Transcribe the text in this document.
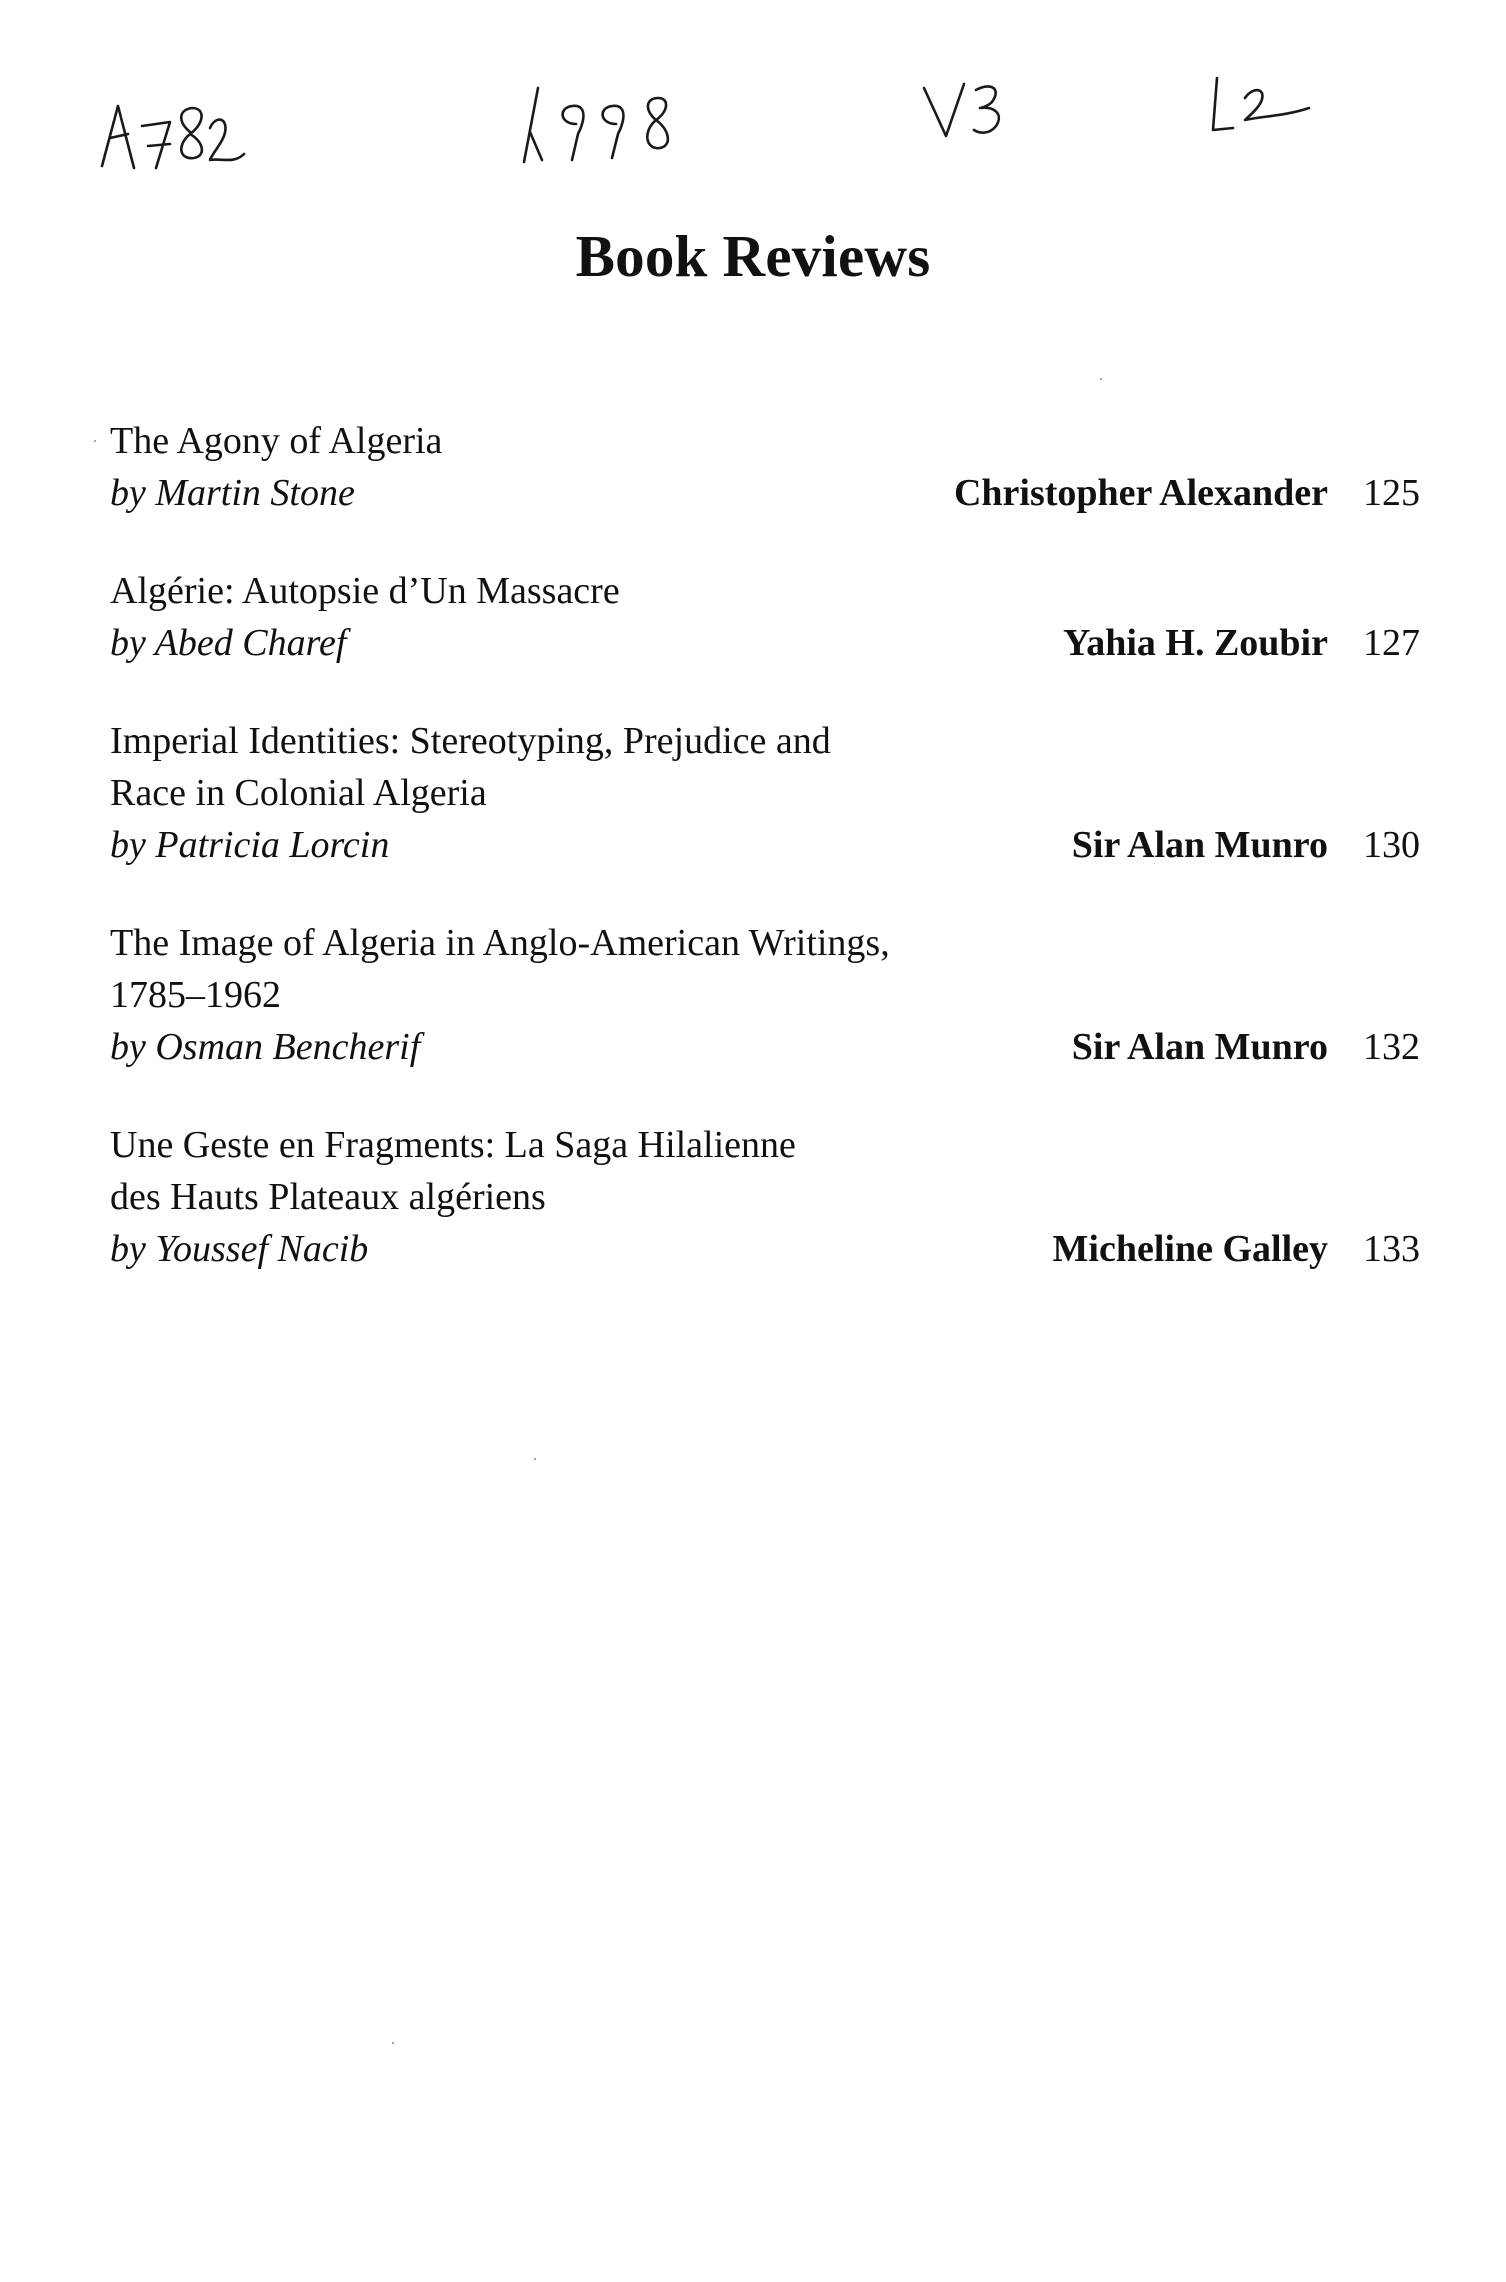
Book Reviews
The Agony of Algeria
by Martin Stone	Christopher Alexander 125
Algérie: Autopsie d’Un Massacre
by Abed Charef	Yahia H. Zoubir 127
Imperial Identities: Stereotyping, Prejudice and
Race in Colonial Algeria
by Patricia Lorcin	Sir Alan Munro 130
The Image of Algeria in Anglo-American Writings,
1785–1962
by Osman Bencherif	Sir Alan Munro 132
Une Geste en Fragments: La Saga Hilalienne
des Hauts Plateaux algériens
by Youssef Nacib	Micheline Galley 133
